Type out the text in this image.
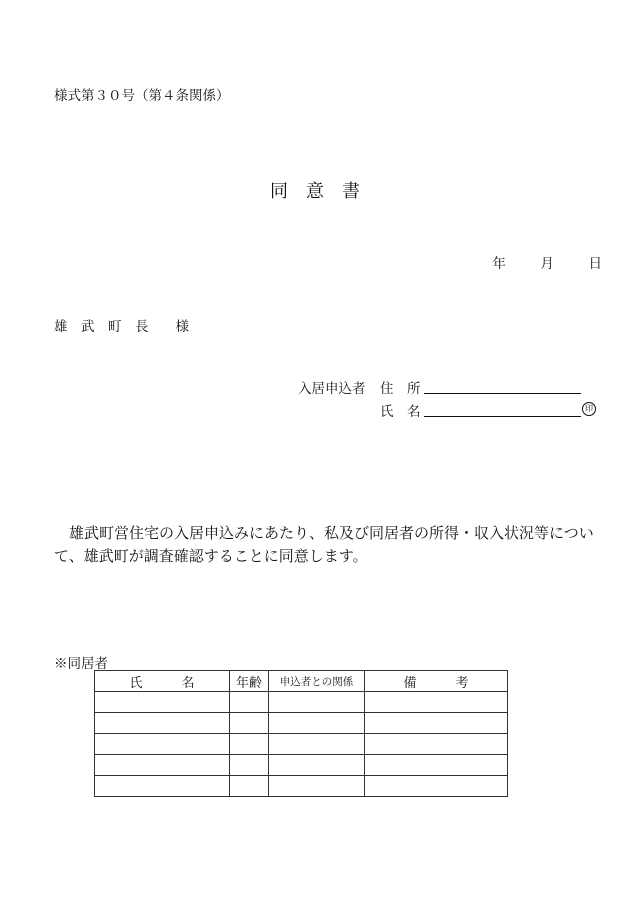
様式第３０号（第４条関係）
同　意　書
年	月	日
雄　武　町　長　　様
入居申込者 住　所
氏　名	印
雄武町営住宅の入居申込みにあたり、私及び同居者の所得・収入状況等について、雄武町が調査確認することに同意します。
※同居者
氏　　　名	年齢	申込者との関係	備　　　考
